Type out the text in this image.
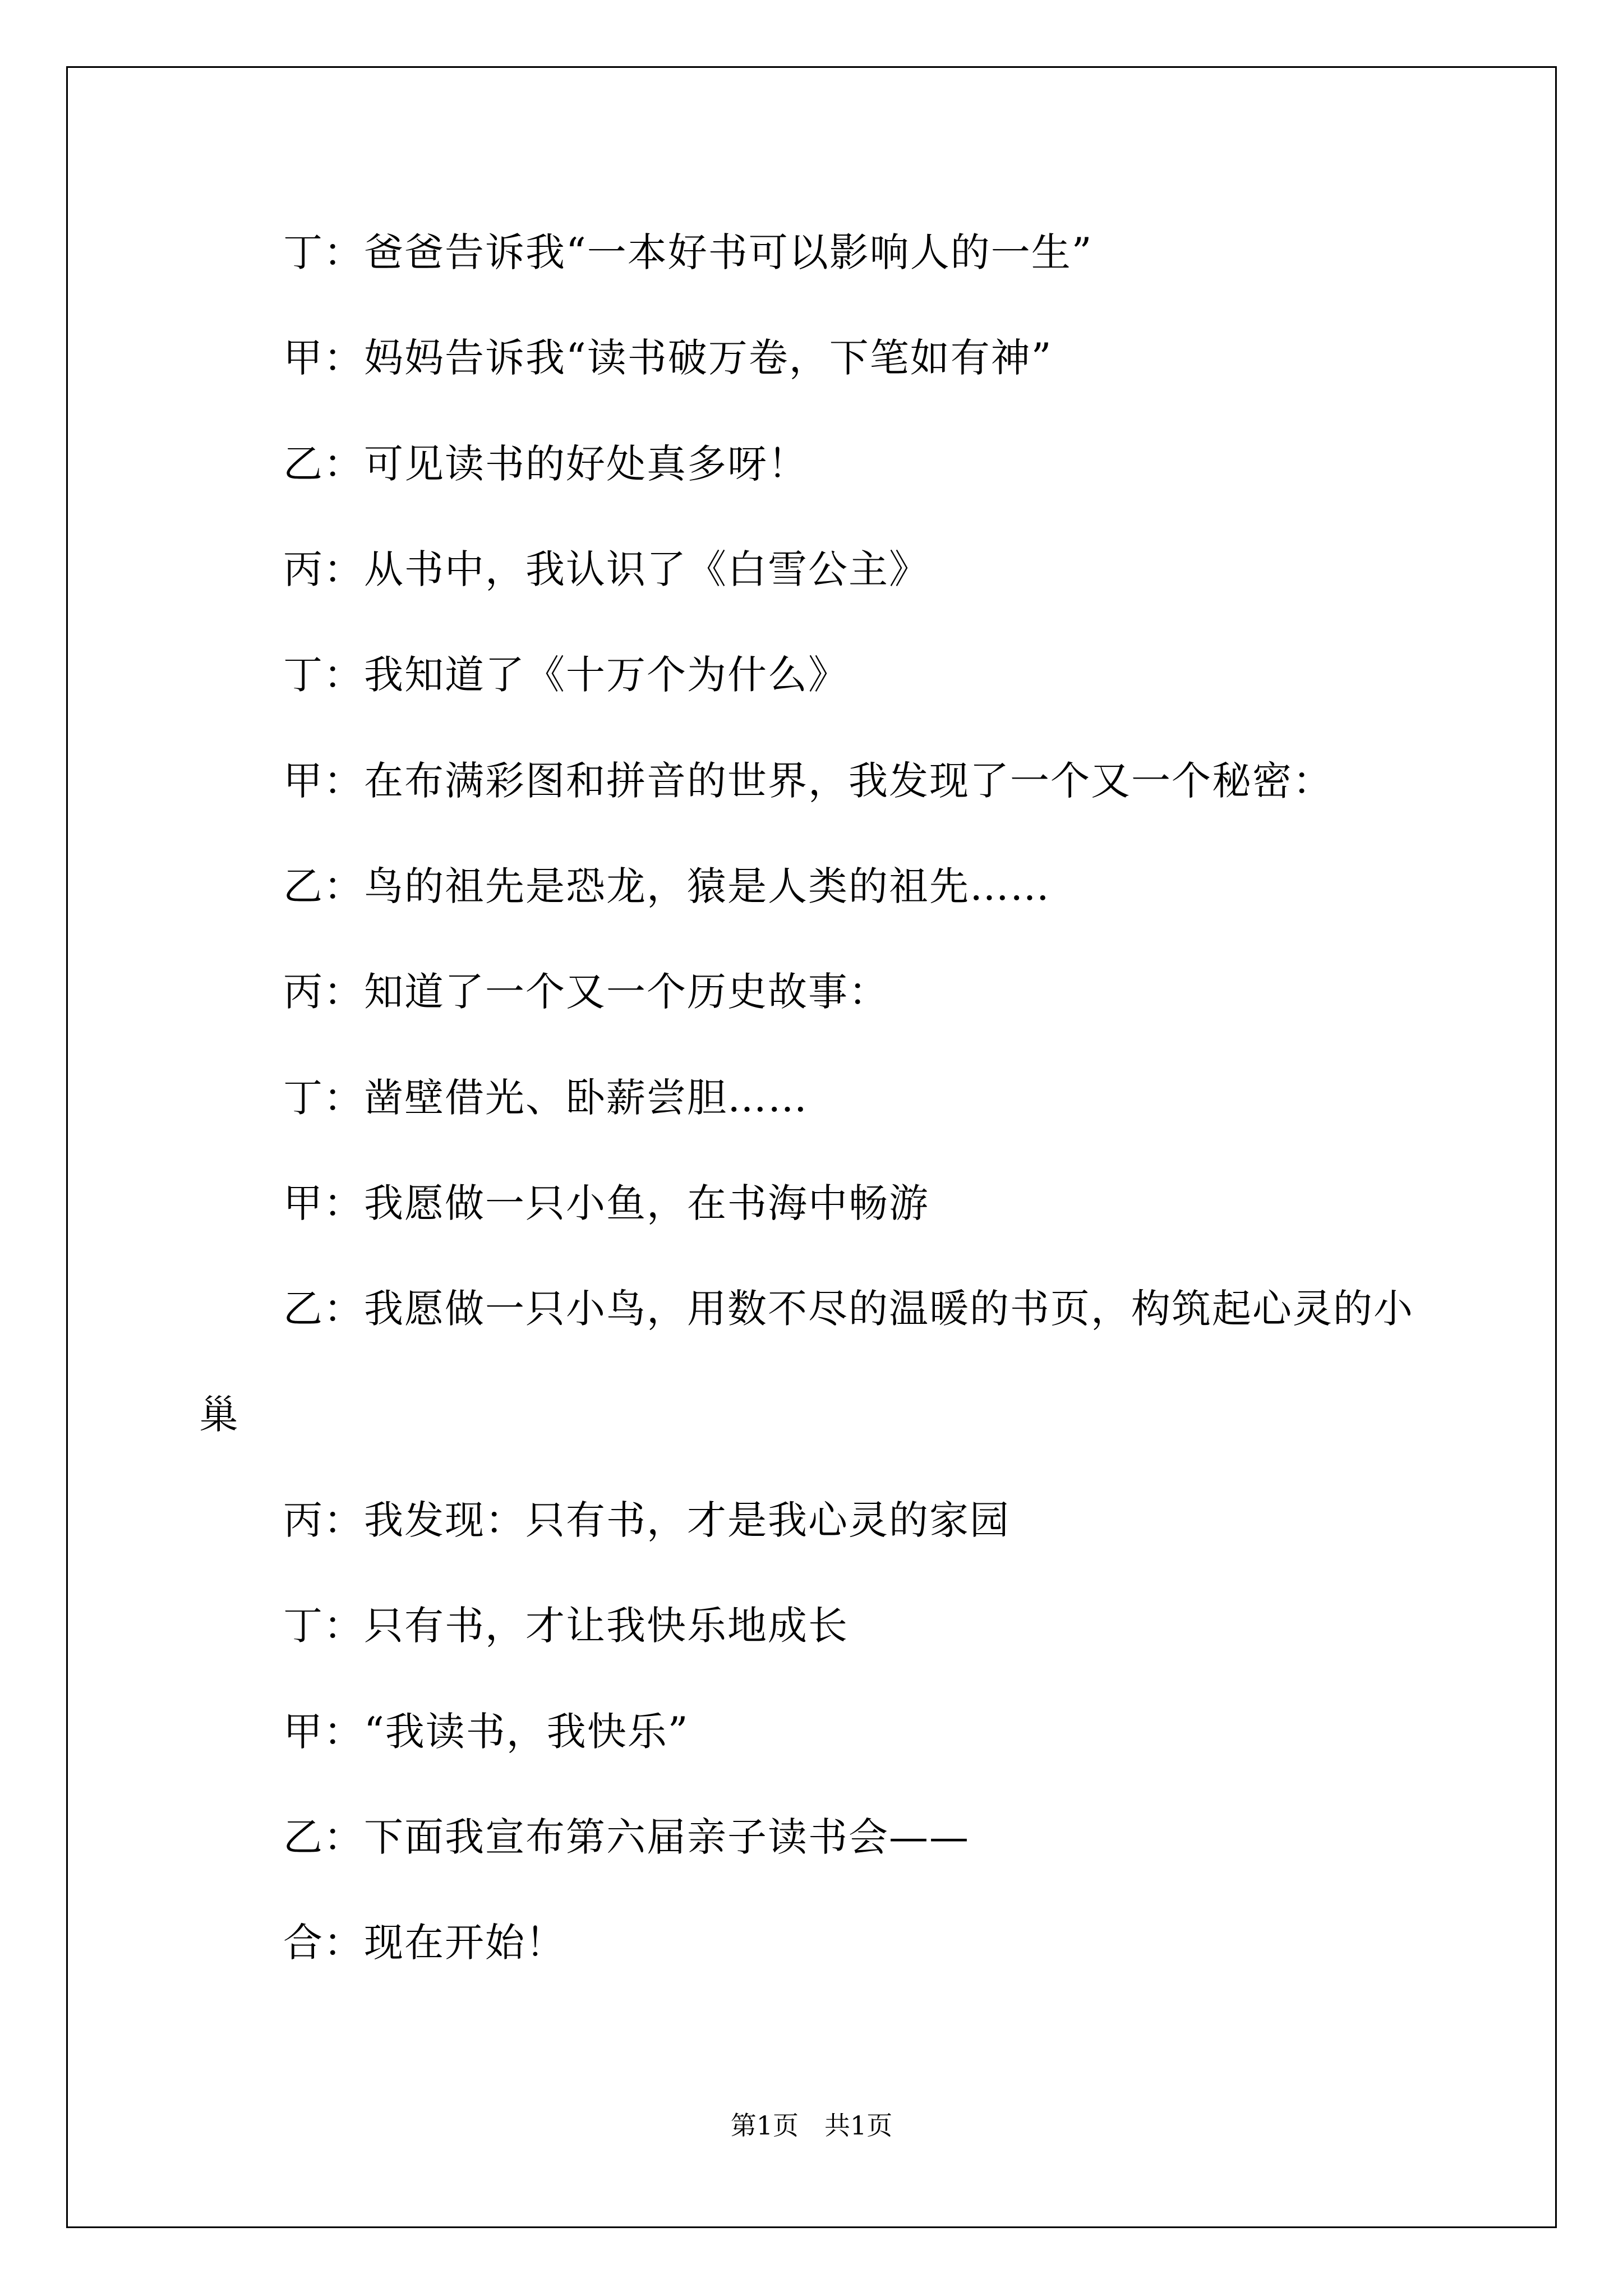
丁：爸爸告诉我“一本好书可以影响人的一生”
甲：妈妈告诉我“读书破万卷，下笔如有神”
乙：可见读书的好处真多呀！
丙：从书中，我认识了《白雪公主》
丁：我知道了《十万个为什么》
甲：在布满彩图和拼音的世界，我发现了一个又一个秘密：
乙：鸟的祖先是恐龙，猿是人类的祖先……
丙：知道了一个又一个历史故事：
丁：凿壁借光、卧薪尝胆……
甲：我愿做一只小鱼，在书海中畅游
乙：我愿做一只小鸟，用数不尽的温暖的书页，构筑起心灵的小
巢
丙：我发现：只有书，才是我心灵的家园
丁：只有书，才让我快乐地成长
甲：“我读书，我快乐”
乙：下面我宣布第六届亲子读书会——
合：现在开始！
第1页　共1页
